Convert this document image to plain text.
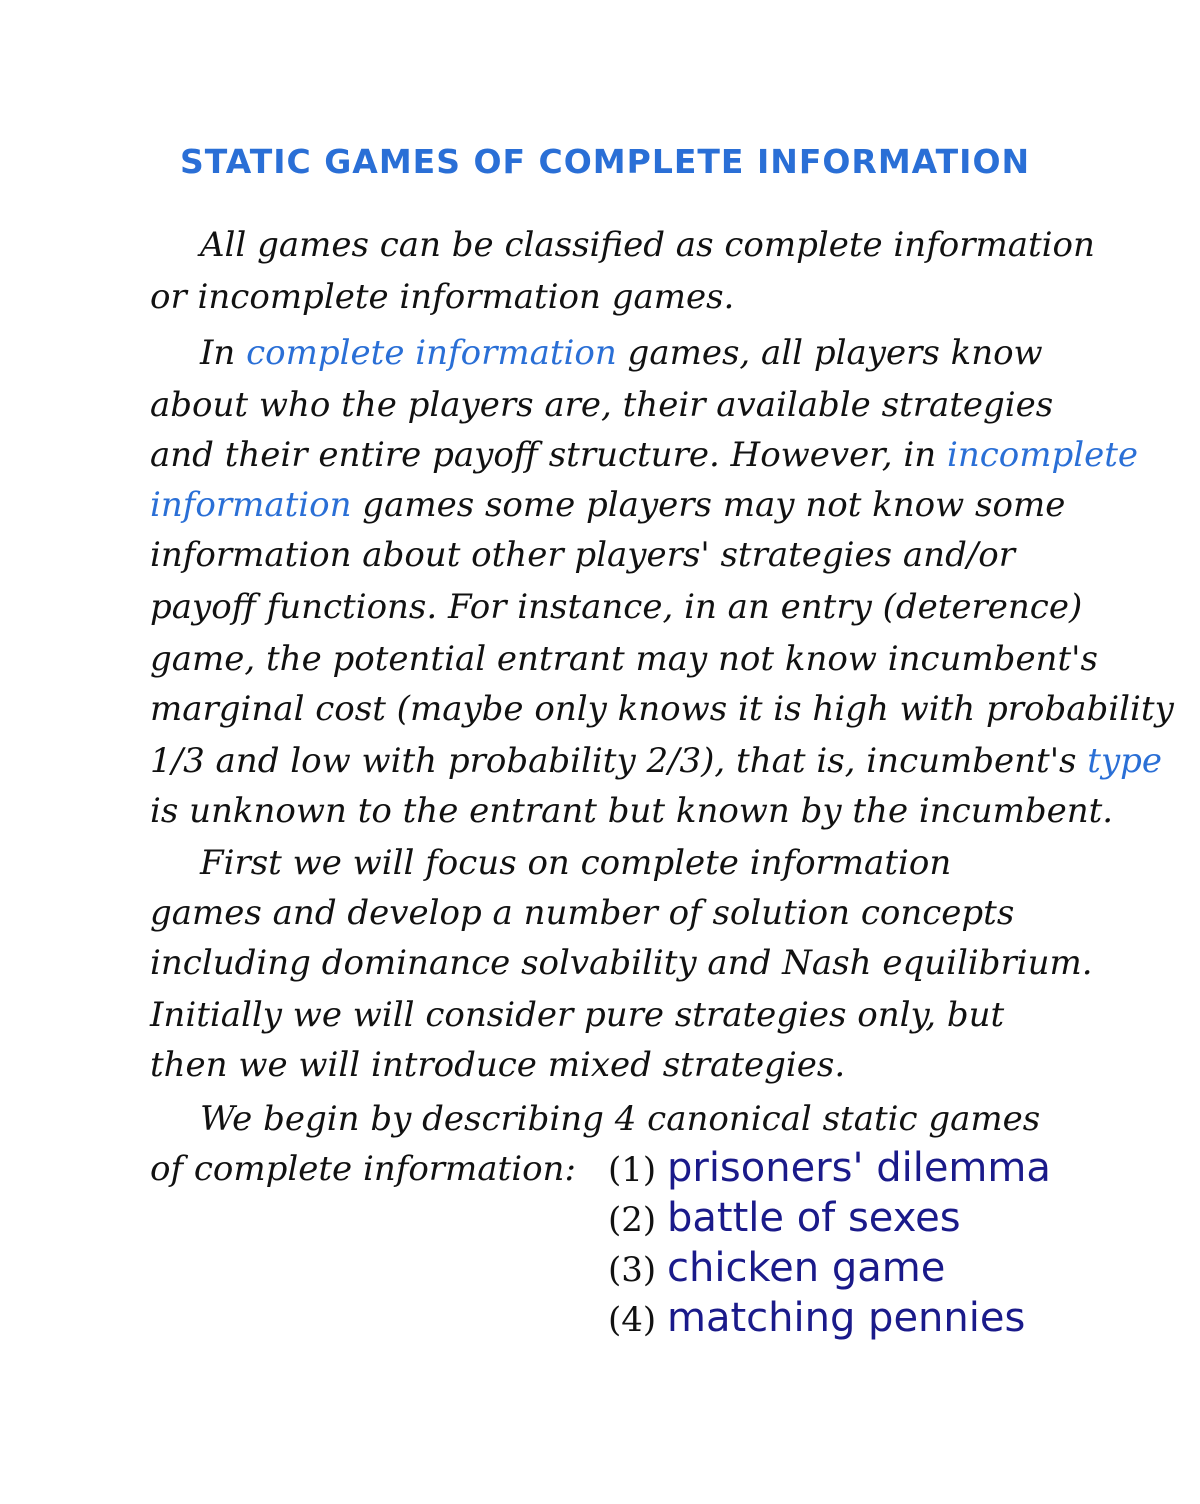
STATIC GAMES OF COMPLETE INFORMATION
All games can be classified as complete information
or incomplete information games.
In complete information games, all players know
about who the players are, their available strategies
and their entire payoff structure. However, in incomplete
information games some players may not know some
information about other players' strategies and/or
payoff functions. For instance, in an entry (deterence)
game, the potential entrant may not know incumbent's
marginal cost (maybe only knows it is high with probability
1/3 and low with probability 2/3), that is, incumbent's type
is unknown to the entrant but known by the incumbent.
First we will focus on complete information
games and develop a number of solution concepts
including dominance solvability and Nash equilibrium.
Initially we will consider pure strategies only, but
then we will introduce mixed strategies.
We begin by describing 4 canonical static games
of complete information: (1) prisoners' dilemma
(2) battle of sexes
(3) chicken game
(4) matching pennies
